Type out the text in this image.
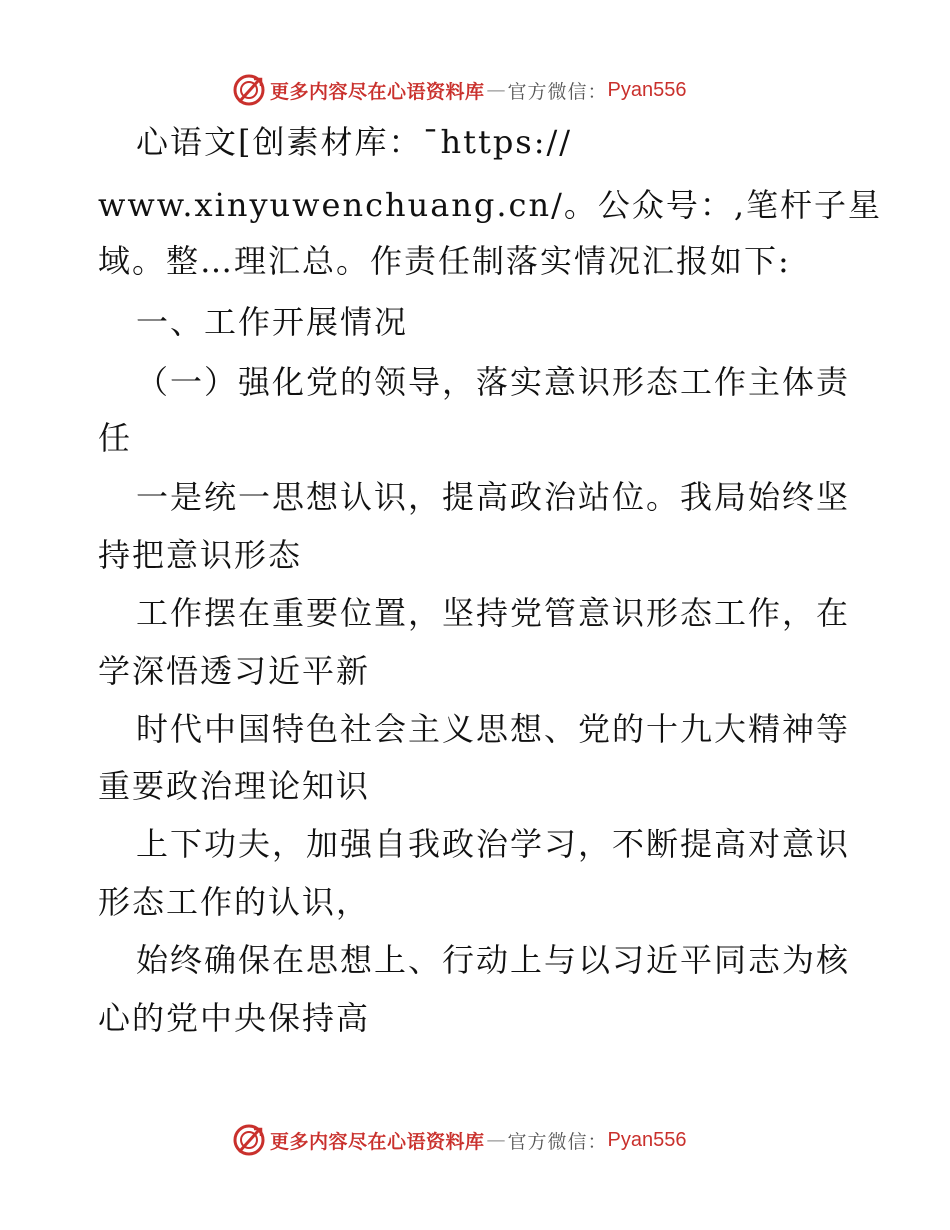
更多内容尽在心语资料库 — 官方微信： Pyan556
心语文[创素材库：¯https://
www.xinyuwenchuang.cn/。公众号：,笔杆子星
域。整…理汇总。作责任制落实情况汇报如下:
一、工作开展情况
（一）强化党的领导，落实意识形态工作主体责
任
一是统一思想认识，提高政治站位。我局始终坚
持把意识形态
工作摆在重要位置，坚持党管意识形态工作，在
学深悟透习近平新
时代中国特色社会主义思想、党的十九大精神等
重要政治理论知识
上下功夫，加强自我政治学习，不断提高对意识
形态工作的认识，
始终确保在思想上、行动上与以习近平同志为核
心的党中央保持高
更多内容尽在心语资料库 — 官方微信： Pyan556
